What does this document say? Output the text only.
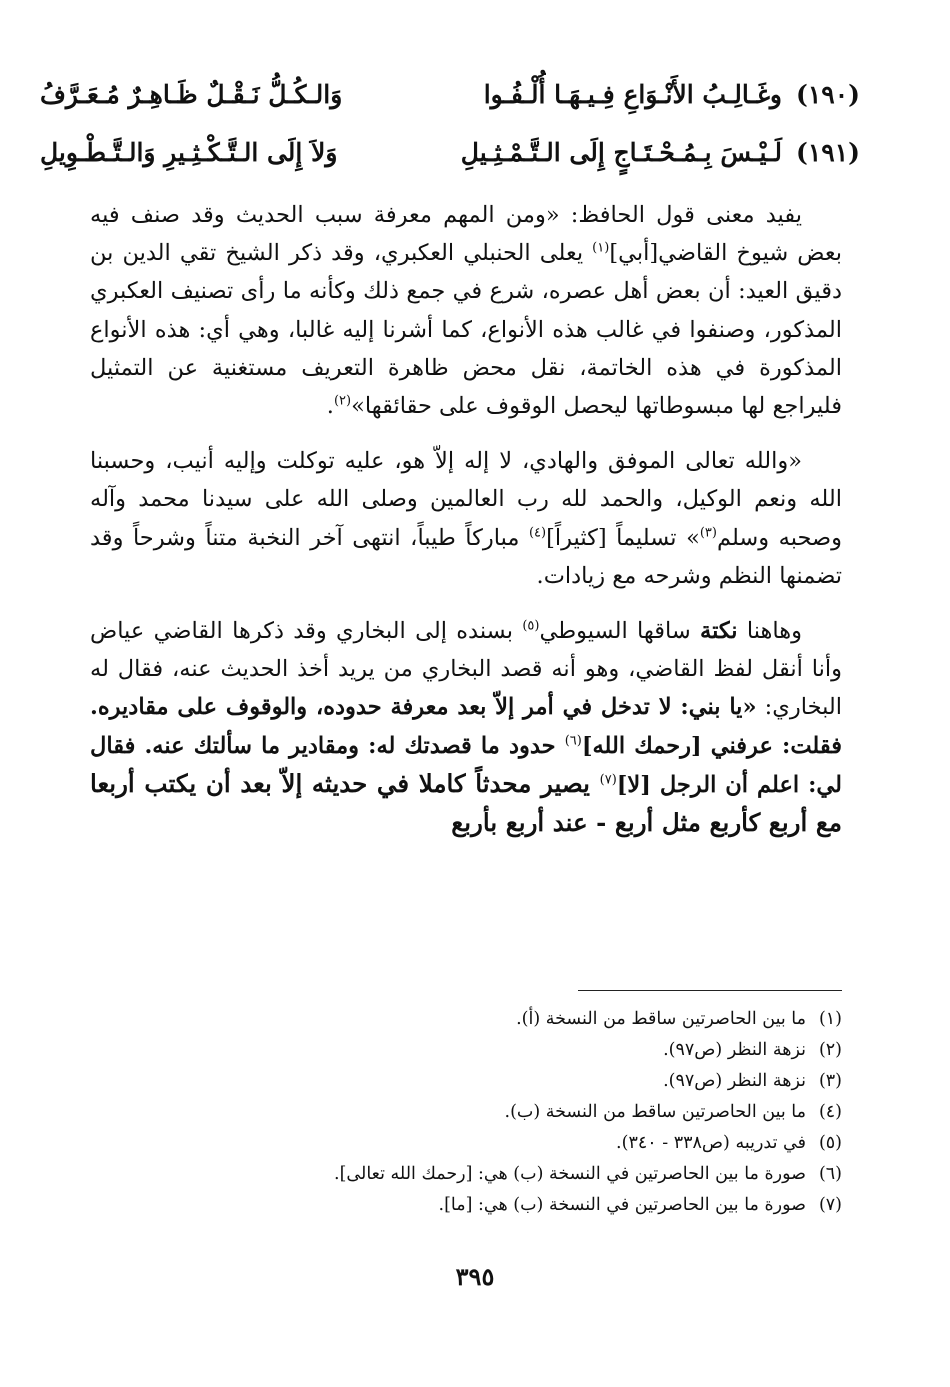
(١٩٠)
وغَـالِـبُ الأَنْـوَاعِ فِـيـهَـا أُلْـفُـوا
وَالـكُـلُّ نَـقْـلٌ ظَـاهِـرٌ مُـعَـرَّفُ
(١٩١)
لَـيْـسَ بِـمُـحْـتَـاجٍ إِلَى الـتَّـمْـثِـيلِ
وَلاَ إِلَى الـتَّـكْـثِـيرِ وَالـتَّـطْـوِيلِ

يفيد معنى قول الحافظ: «ومن المهم معرفة سبب الحديث وقد صنف فيه بعض شيوخ القاضي[أبي]$^{(١)}$ يعلى الحنبلي العكبري، وقد ذكر الشيخ تقي الدين بن دقيق العيد: أن بعض أهل عصره، شرع في جمع ذلك وكأنه ما رأى تصنيف العكبري المذكور، وصنفوا في غالب هذه الأنواع، كما أشرنا إليه غالبا، وهي أي: هذه الأنواع المذكورة في هذه الخاتمة، نقل محض ظاهرة التعريف مستغنية عن التمثيل فليراجع لها مبسوطاتها ليحصل الوقوف على حقائقها»$^{(٢)}$.

«والله تعالى الموفق والهادي، لا إله إلاّ هو، عليه توكلت وإليه أنيب، وحسبنا الله ونعم الوكيل، والحمد لله رب العالمين وصلى الله على سيدنا محمد وآله وصحبه وسلم$^{(٣)}$» تسليماً [كثيراً]$^{(٤)}$ مباركاً طيباً، انتهى آخر النخبة متناً وشرحاً وقد تضمنها النظم وشرحه مع زيادات.

وهاهنا نكتة ساقها السيوطي$^{(٥)}$ بسنده إلى البخاري وقد ذكرها القاضي عياض وأنا أنقل لفظ القاضي، وهو أنه قصد البخاري من يريد أخذ الحديث عنه، فقال له البخاري: «يا بني: لا تدخل في أمر إلاّ بعد معرفة حدوده، والوقوف على مقاديره. فقلت: عرفني [رحمك الله]$^{(٦)}$ حدود ما قصدتك له: ومقادير ما سألتك عنه. فقال لي: اعلم أن الرجل [لا]$^{(٧)}$ يصير محدثاً كاملا في حديثه إلاّ بعد أن يكتب أربعا مع أربع كأربع مثل أربع - عند أربع بأربع

(١)ما بين الحاصرتين ساقط من النسخة (أ).
(٢)نزهة النظر (ص٩٧).
(٣)نزهة النظر (ص٩٧).
(٤)ما بين الحاصرتين ساقط من النسخة (ب).
(٥)في تدريبه (ص٣٣٨ - ٣٤٠).
(٦)صورة ما بين الحاصرتين في النسخة (ب) هي: [رحمك الله تعالى].
(٧)صورة ما بين الحاصرتين في النسخة (ب) هي: [ما].
٣٩٥
